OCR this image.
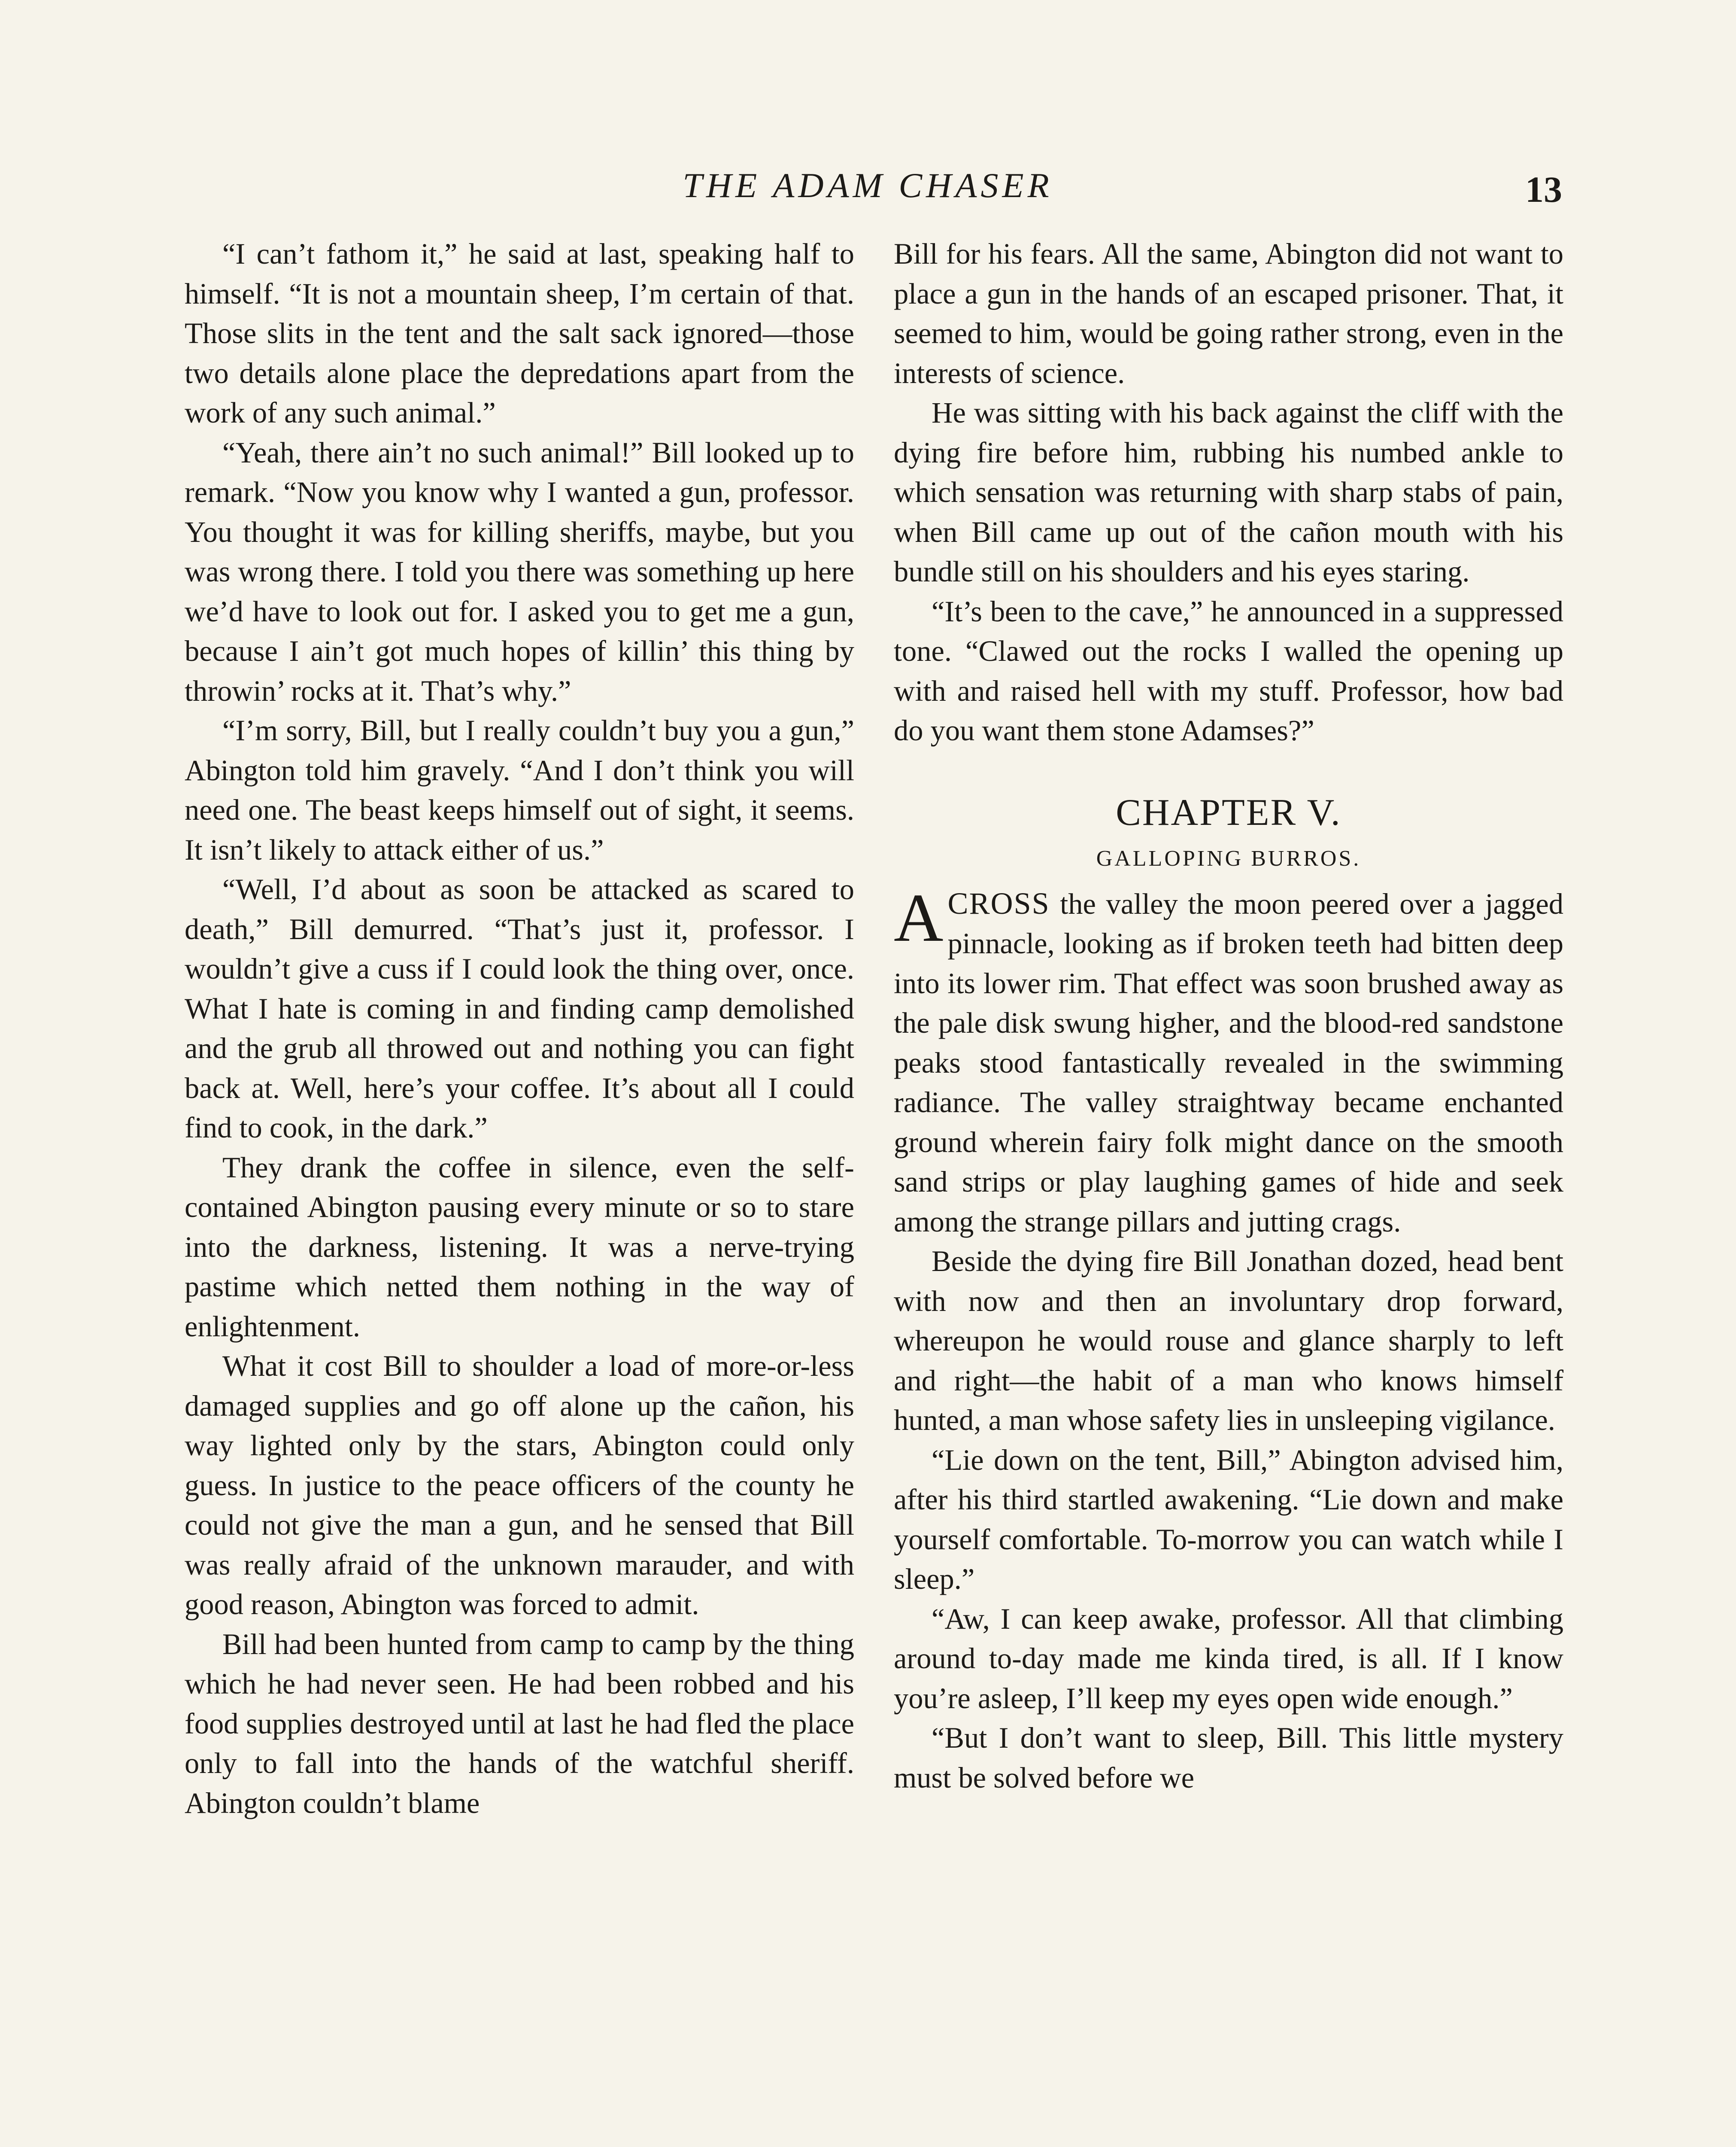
THE ADAM CHASER	13

“I can’t fathom it,” he said at last, speaking half to himself. “It is not a mountain sheep, I’m certain of that. Those slits in the tent and the salt sack ignored—those two details alone place the depredations apart from the work of any such animal.”

“Yeah, there ain’t no such animal!” Bill looked up to remark. “Now you know why I wanted a gun, professor. You thought it was for killing sheriffs, maybe, but you was wrong there. I told you there was something up here we’d have to look out for. I asked you to get me a gun, because I ain’t got much hopes of killin’ this thing by throwin’ rocks at it. That’s why.”

“I’m sorry, Bill, but I really couldn’t buy you a gun,” Abington told him gravely. “And I don’t think you will need one. The beast keeps himself out of sight, it seems. It isn’t likely to attack either of us.”

“Well, I’d about as soon be attacked as scared to death,” Bill demurred. “That’s just it, professor. I wouldn’t give a cuss if I could look the thing over, once. What I hate is coming in and finding camp demolished and the grub all throwed out and nothing you can fight back at. Well, here’s your coffee. It’s about all I could find to cook, in the dark.”

They drank the coffee in silence, even the self-contained Abington pausing every minute or so to stare into the darkness, listening. It was a nerve-trying pastime which netted them nothing in the way of enlightenment.

What it cost Bill to shoulder a load of more-or-less damaged supplies and go off alone up the cañon, his way lighted only by the stars, Abington could only guess. In justice to the peace officers of the county he could not give the man a gun, and he sensed that Bill was really afraid of the unknown marauder, and with good reason, Abington was forced to admit.

Bill had been hunted from camp to camp by the thing which he had never seen. He had been robbed and his food supplies destroyed until at last he had fled the place only to fall into the hands of the watchful sheriff. Abington couldn’t blame

Bill for his fears. All the same, Abington did not want to place a gun in the hands of an escaped prisoner. That, it seemed to him, would be going rather strong, even in the interests of science.

He was sitting with his back against the cliff with the dying fire before him, rubbing his numbed ankle to which sensation was returning with sharp stabs of pain, when Bill came up out of the cañon mouth with his bundle still on his shoulders and his eyes staring.

“It’s been to the cave,” he announced in a suppressed tone. “Clawed out the rocks I walled the opening up with and raised hell with my stuff. Professor, how bad do you want them stone Adamses?”

CHAPTER V.
GALLOPING BURROS.

ACROSS the valley the moon peered over a jagged pinnacle, looking as if broken teeth had bitten deep into its lower rim. That effect was soon brushed away as the pale disk swung higher, and the blood-red sandstone peaks stood fantastically revealed in the swimming radiance. The valley straightway became enchanted ground wherein fairy folk might dance on the smooth sand strips or play laughing games of hide and seek among the strange pillars and jutting crags.

Beside the dying fire Bill Jonathan dozed, head bent with now and then an involuntary drop forward, whereupon he would rouse and glance sharply to left and right—the habit of a man who knows himself hunted, a man whose safety lies in unsleeping vigilance.

“Lie down on the tent, Bill,” Abington advised him, after his third startled awakening. “Lie down and make yourself comfortable. To-morrow you can watch while I sleep.”

“Aw, I can keep awake, professor. All that climbing around to-day made me kinda tired, is all. If I know you’re asleep, I’ll keep my eyes open wide enough.”

“But I don’t want to sleep, Bill. This little mystery must be solved before we
